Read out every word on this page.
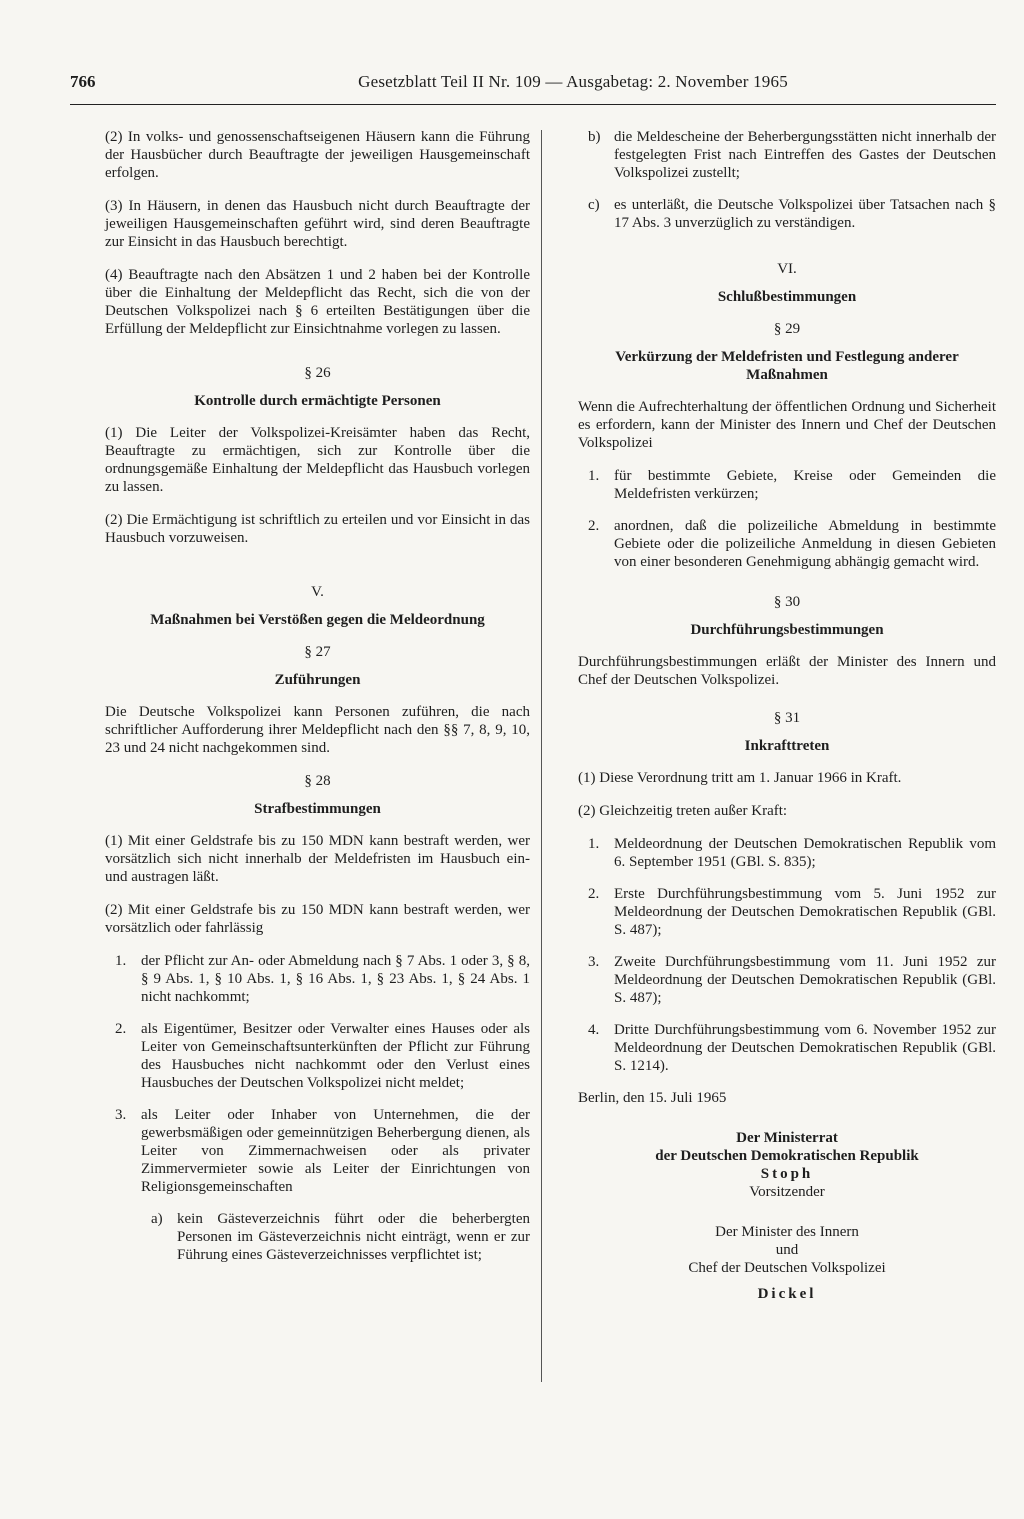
766	Gesetzblatt Teil II Nr. 109 — Ausgabetag: 2. November 1965

(2) In volks- und genossenschaftseigenen Häusern kann die Führung der Hausbücher durch Beauftragte der jeweiligen Hausgemeinschaft erfolgen.

(3) In Häusern, in denen das Hausbuch nicht durch Beauftragte der jeweiligen Hausgemeinschaften geführt wird, sind deren Beauftragte zur Einsicht in das Hausbuch berechtigt.

(4) Beauftragte nach den Absätzen 1 und 2 haben bei der Kontrolle über die Einhaltung der Meldepflicht das Recht, sich die von der Deutschen Volkspolizei nach § 6 erteilten Bestätigungen über die Erfüllung der Meldepflicht zur Einsichtnahme vorlegen zu lassen.

§ 26
Kontrolle durch ermächtigte Personen

(1) Die Leiter der Volkspolizei-Kreisämter haben das Recht, Beauftragte zu ermächtigen, sich zur Kontrolle über die ordnungsgemäße Einhaltung der Meldepflicht das Hausbuch vorlegen zu lassen.

(2) Die Ermächtigung ist schriftlich zu erteilen und vor Einsicht in das Hausbuch vorzuweisen.

V.
Maßnahmen bei Verstößen gegen die Meldeordnung
§ 27
Zuführungen

Die Deutsche Volkspolizei kann Personen zuführen, die nach schriftlicher Aufforderung ihrer Meldepflicht nach den §§ 7, 8, 9, 10, 23 und 24 nicht nachgekommen sind.

§ 28
Strafbestimmungen

(1) Mit einer Geldstrafe bis zu 150 MDN kann bestraft werden, wer vorsätzlich sich nicht innerhalb der Meldefristen im Hausbuch ein- und austragen läßt.

(2) Mit einer Geldstrafe bis zu 150 MDN kann bestraft werden, wer vorsätzlich oder fahrlässig

1. der Pflicht zur An- oder Abmeldung nach § 7 Abs. 1 oder 3, § 8, § 9 Abs. 1, § 10 Abs. 1, § 16 Abs. 1, § 23 Abs. 1, § 24 Abs. 1 nicht nachkommt;
2. als Eigentümer, Besitzer oder Verwalter eines Hauses oder als Leiter von Gemeinschaftsunterkünften der Pflicht zur Führung des Hausbuches nicht nachkommt oder den Verlust eines Hausbuches der Deutschen Volkspolizei nicht meldet;
3. als Leiter oder Inhaber von Unternehmen, die der gewerbsmäßigen oder gemeinnützigen Beherbergung dienen, als Leiter von Zimmernachweisen oder als privater Zimmervermieter sowie als Leiter der Einrichtungen von Religionsgemeinschaften
a) kein Gästeverzeichnis führt oder die beherbergten Personen im Gästeverzeichnis nicht einträgt, wenn er zur Führung eines Gästeverzeichnisses verpflichtet ist;
b) die Meldescheine der Beherbergungsstätten nicht innerhalb der festgelegten Frist nach Eintreffen des Gastes der Deutschen Volkspolizei zustellt;
c) es unterläßt, die Deutsche Volkspolizei über Tatsachen nach § 17 Abs. 3 unverzüglich zu verständigen.
VI.
Schlußbestimmungen
§ 29
Verkürzung der Meldefristen und Festlegung anderer Maßnahmen

Wenn die Aufrechterhaltung der öffentlichen Ordnung und Sicherheit es erfordern, kann der Minister des Innern und Chef der Deutschen Volkspolizei

1. für bestimmte Gebiete, Kreise oder Gemeinden die Meldefristen verkürzen;
2. anordnen, daß die polizeiliche Abmeldung in bestimmte Gebiete oder die polizeiliche Anmeldung in diesen Gebieten von einer besonderen Genehmigung abhängig gemacht wird.
§ 30
Durchführungsbestimmungen

Durchführungsbestimmungen erläßt der Minister des Innern und Chef der Deutschen Volkspolizei.

§ 31
Inkrafttreten

(1) Diese Verordnung tritt am 1. Januar 1966 in Kraft.

(2) Gleichzeitig treten außer Kraft:

1. Meldeordnung der Deutschen Demokratischen Republik vom 6. September 1951 (GBl. S. 835);
2. Erste Durchführungsbestimmung vom 5. Juni 1952 zur Meldeordnung der Deutschen Demokratischen Republik (GBl. S. 487);
3. Zweite Durchführungsbestimmung vom 11. Juni 1952 zur Meldeordnung der Deutschen Demokratischen Republik (GBl. S. 487);
4. Dritte Durchführungsbestimmung vom 6. November 1952 zur Meldeordnung der Deutschen Demokratischen Republik (GBl. S. 1214).
Berlin, den 15. Juli 1965

Der Ministerrat

der Deutschen Demokratischen Republik

Stoph

Vorsitzender

Der Minister des Innern

und

Chef der Deutschen Volkspolizei

Dickel
